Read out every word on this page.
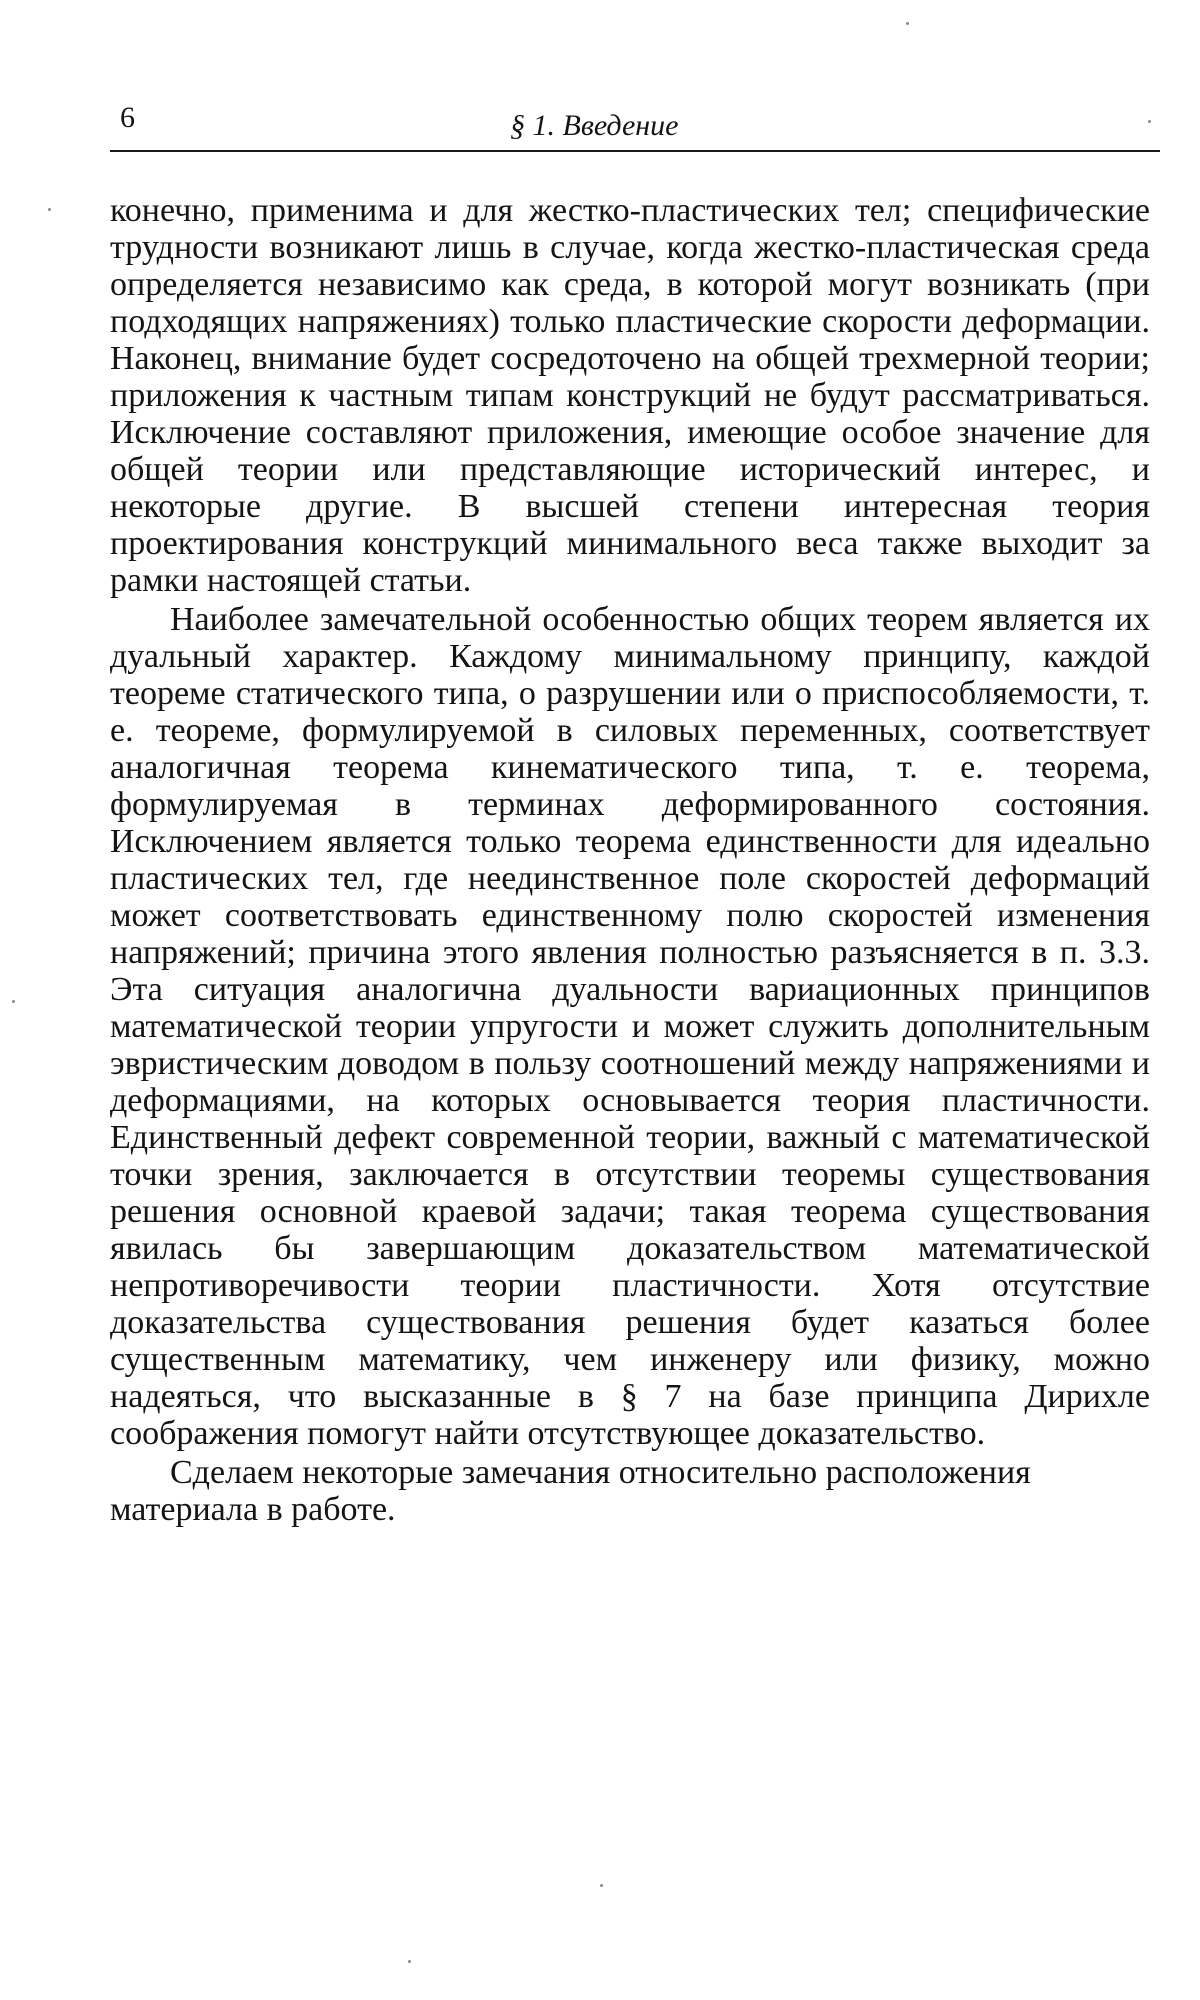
6	§ 1. Введение

конечно, применима и для жестко-пластических тел; специфические трудности возникают лишь в случае, когда жестко-пластическая среда определяется независимо как среда, в которой могут возникать (при подходящих напряжениях) только пластические скорости деформации. Наконец, внимание будет сосредоточено на общей трехмерной теории; приложения к частным типам конструкций не будут рассматриваться. Исключение составляют приложения, имеющие особое значение для общей теории или представляющие исторический интерес, и некоторые другие. В высшей степени интересная теория проектирования конструкций минимального веса также выходит за рамки настоящей статьи.

Наиболее замечательной особенностью общих теорем является их дуальный характер. Каждому минимальному принципу, каждой теореме статического типа, о разрушении или о приспособляемости, т. е. теореме, формулируемой в силовых переменных, соответствует аналогичная теорема кинематического типа, т. е. теорема, формулируемая в терминах деформированного состояния. Исключением является только теорема единственности для идеально пластических тел, где неединственное поле скоростей деформаций может соответствовать единственному полю скоростей изменения напряжений; причина этого явления полностью разъясняется в п. 3.3. Эта ситуация аналогична дуальности вариационных принципов математической теории упругости и может служить дополнительным эвристическим доводом в пользу соотношений между напряжениями и деформациями, на которых основывается теория пластичности. Единственный дефект современной теории, важный с математической точки зрения, заключается в отсутствии теоремы существования решения основной краевой задачи; такая теорема существования явилась бы завершающим доказательством математической непротиворечивости теории пластичности. Хотя отсутствие доказательства существования решения будет казаться более существенным математику, чем инженеру или физику, можно надеяться, что высказанные в § 7 на базе принципа Дирихле соображения помогут найти отсутствующее доказательство.

Сделаем некоторые замечания относительно расположения материала в работе.
